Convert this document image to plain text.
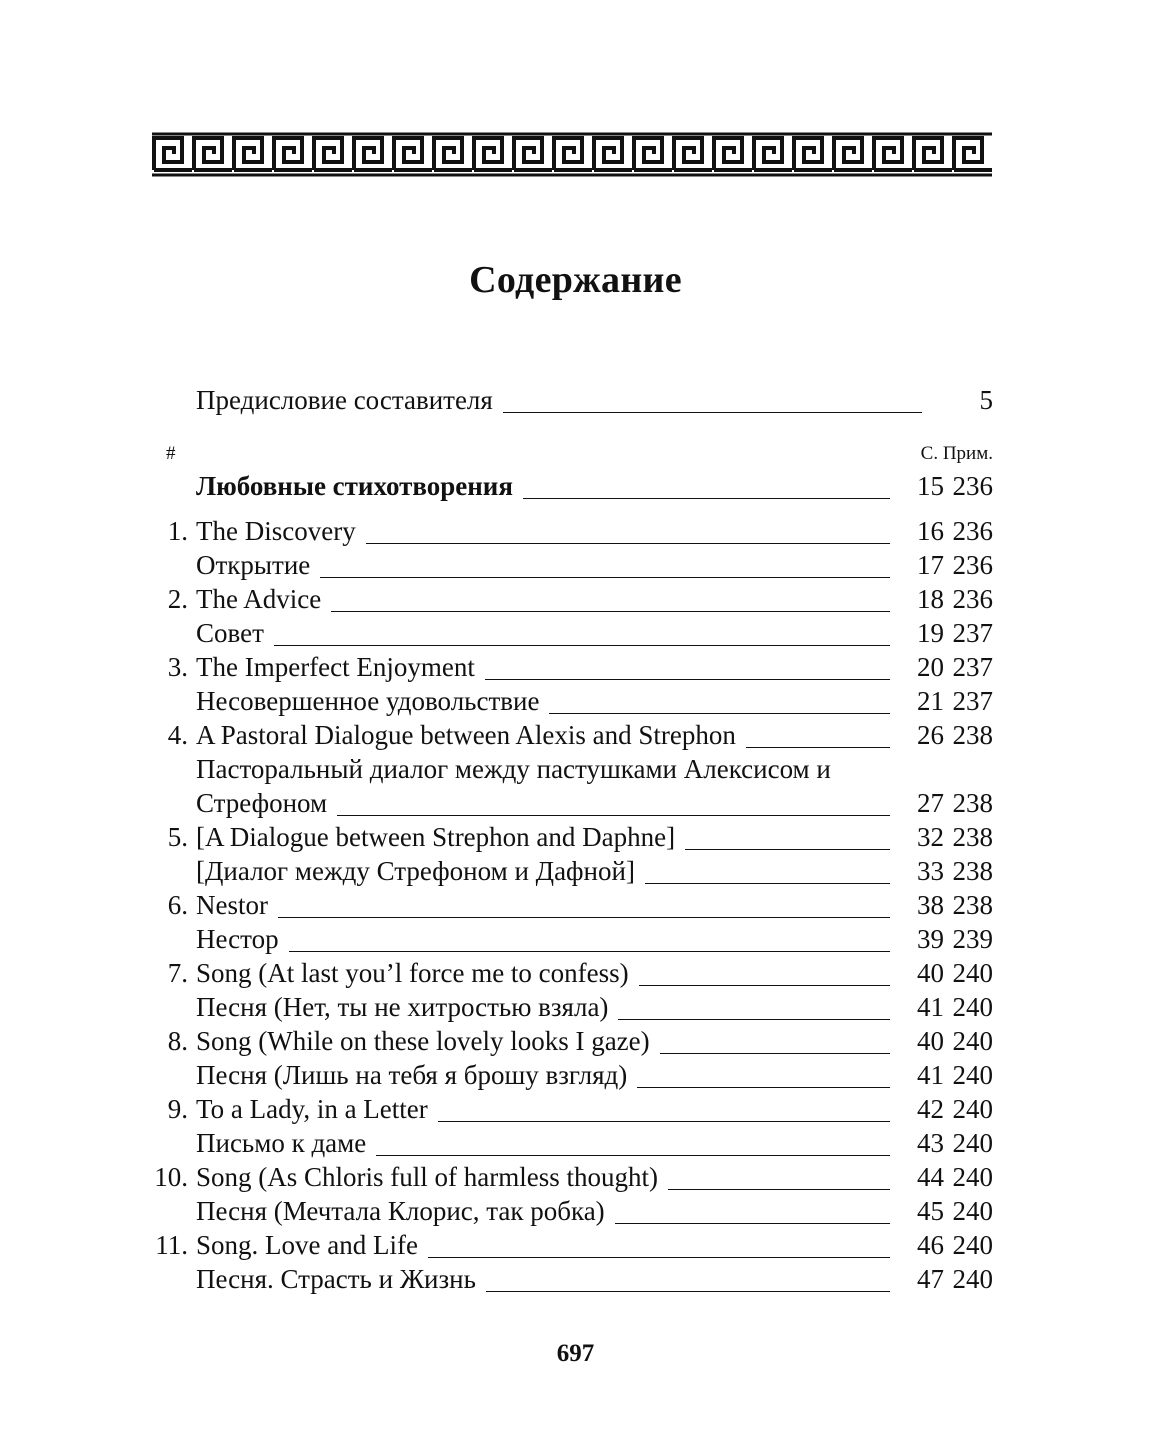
Содержание
Предисловие составителя	5
#	С. Прим.
Любовные стихотворения	15 236
1. The Discovery	16 236
Открытие	17 236
2. The Advice	18 236
Совет	19 237
3. The Imperfect Enjoyment	20 237
Несовершенное удовольствие	21 237
4. A Pastoral Dialogue between Alexis and Strephon	26 238
Пасторальный диалог между пастушками Алексисом и
Стрефоном	27 238
5. [A Dialogue between Strephon and Daphne]	32 238
[Диалог между Стрефоном и Дафной]	33 238
6. Nestor	38 238
Нестор	39 239
7. Song (At last you’l force me to confess)	40 240
Песня (Нет, ты не хитростью взяла)	41 240
8. Song (While on these lovely looks I gaze)	40 240
Песня (Лишь на тебя я брошу взгляд)	41 240
9. To a Lady, in a Letter	42 240
Письмо к даме	43 240
10. Song (As Chloris full of harmless thought)	44 240
Песня (Мечтала Клорис, так робка)	45 240
11. Song. Love and Life	46 240
Песня. Страсть и Жизнь	47 240
697
